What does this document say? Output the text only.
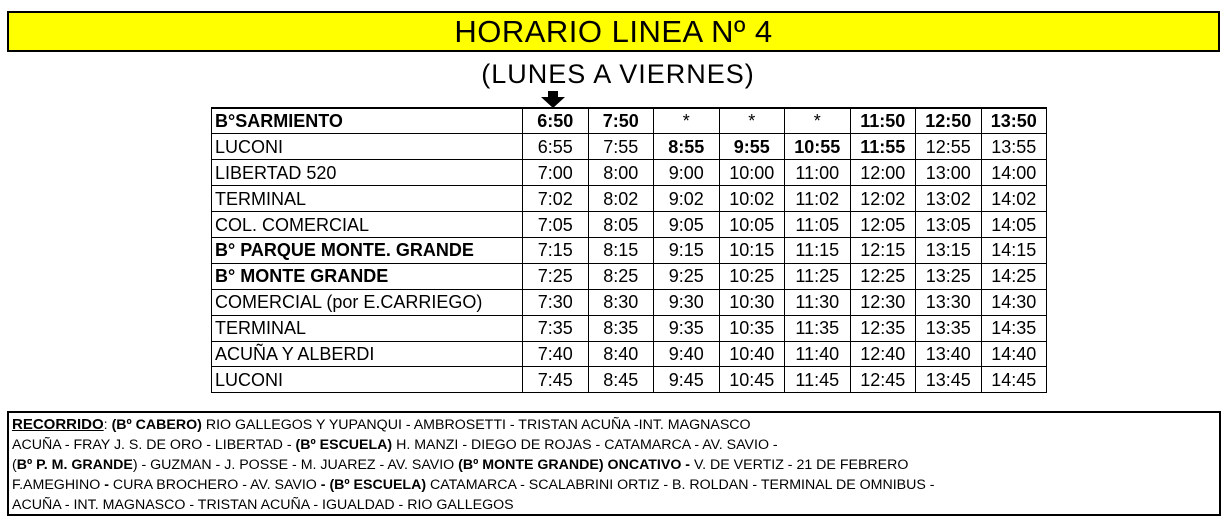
HORARIO LINEA Nº 4
(LUNES A VIERNES)
B°SARMIENTO	6:50	7:50	*	*	*	11:50	12:50	13:50
LUCONI	6:55	7:55	8:55	9:55	10:55	11:55	12:55	13:55
LIBERTAD 520	7:00	8:00	9:00	10:00	11:00	12:00	13:00	14:00
TERMINAL	7:02	8:02	9:02	10:02	11:02	12:02	13:02	14:02
COL. COMERCIAL	7:05	8:05	9:05	10:05	11:05	12:05	13:05	14:05
B° PARQUE MONTE. GRANDE	7:15	8:15	9:15	10:15	11:15	12:15	13:15	14:15
B° MONTE GRANDE	7:25	8:25	9:25	10:25	11:25	12:25	13:25	14:25
COMERCIAL (por E.CARRIEGO)	7:30	8:30	9:30	10:30	11:30	12:30	13:30	14:30
TERMINAL	7:35	8:35	9:35	10:35	11:35	12:35	13:35	14:35
ACUÑA Y ALBERDI	7:40	8:40	9:40	10:40	11:40	12:40	13:40	14:40
LUCONI	7:45	8:45	9:45	10:45	11:45	12:45	13:45	14:45
RECORRIDO: (Bº CABERO) RIO GALLEGOS Y YUPANQUI - AMBROSETTI - TRISTAN ACUÑA -INT. MAGNASCO
ACUÑA - FRAY J. S. DE ORO - LIBERTAD - (Bº ESCUELA) H. MANZI - DIEGO DE ROJAS - CATAMARCA - AV. SAVIO -
(Bº P. M. GRANDE) - GUZMAN - J. POSSE - M. JUAREZ - AV. SAVIO (Bº MONTE GRANDE) ONCATIVO - V. DE VERTIZ - 21 DE FEBRERO
F.AMEGHINO - CURA BROCHERO - AV. SAVIO - (Bº ESCUELA) CATAMARCA - SCALABRINI ORTIZ - B. ROLDAN - TERMINAL DE OMNIBUS -
ACUÑA - INT. MAGNASCO - TRISTAN ACUÑA - IGUALDAD - RIO GALLEGOS
